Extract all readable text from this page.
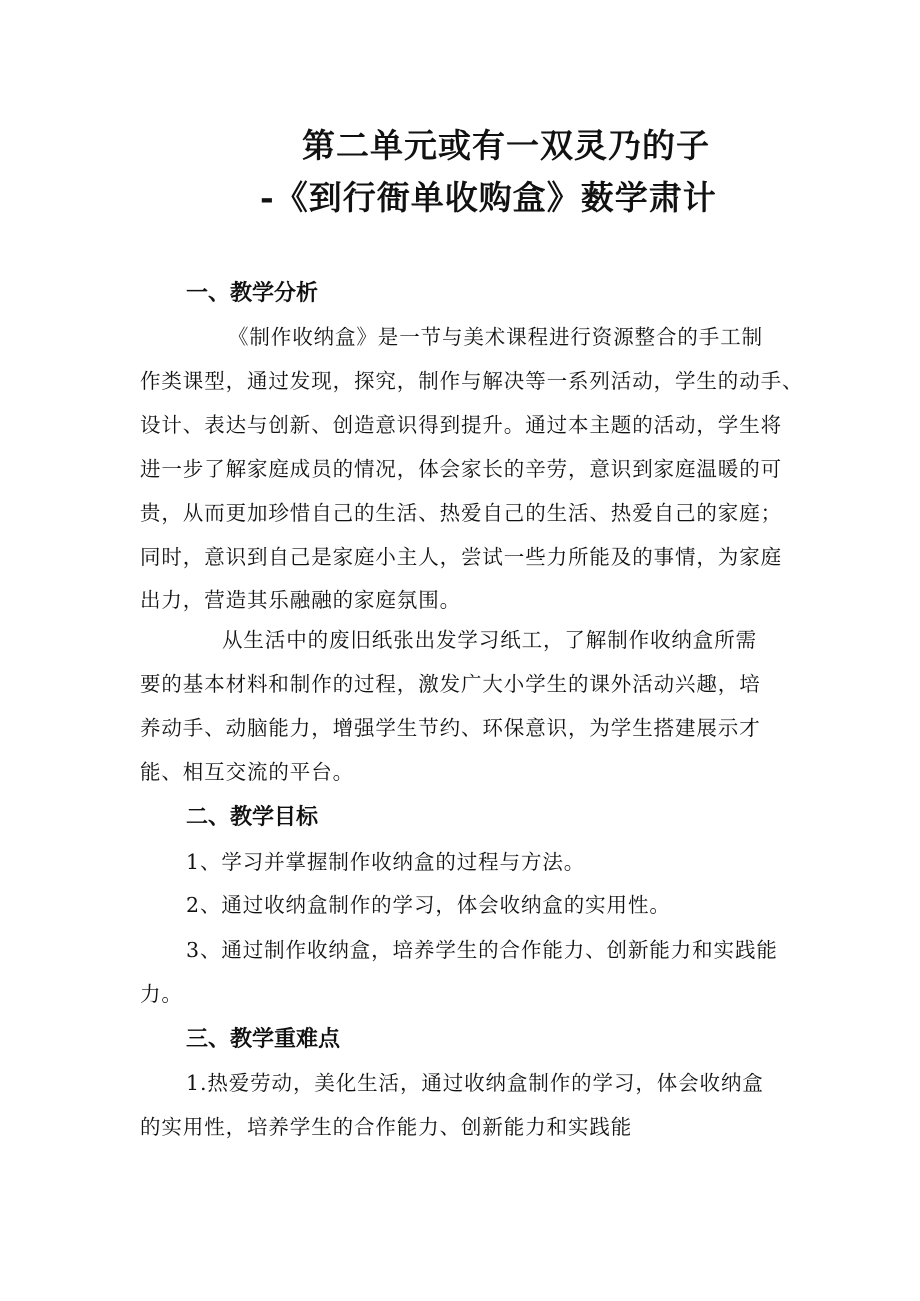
第二单元或有一双灵乃的子
-《到行衙单收购盒》薮学肃计
一、教学分析

《制作收纳盒》是一节与美术课程进行资源整合的手工制

作类课型，通过发现，探究，制作与解决等一系列活动，学生的动手、

设计、表达与创新、创造意识得到提升。通过本主题的活动，学生将

进一步了解家庭成员的情况，体会家长的辛劳，意识到家庭温暖的可

贵，从而更加珍惜自己的生活、热爱自己的生活、热爱自己的家庭；

同时，意识到自己是家庭小主人，尝试一些力所能及的事情，为家庭

出力，营造其乐融融的家庭氛围。

从生活中的废旧纸张出发学习纸工，了解制作收纳盒所需

要的基本材料和制作的过程，激发广大小学生的课外活动兴趣，培

养动手、动脑能力，增强学生节约、环保意识，为学生搭建展示才

能、相互交流的平台。

二、教学目标

1、学习并掌握制作收纳盒的过程与方法。

2、通过收纳盒制作的学习，体会收纳盒的实用性。

3、通过制作收纳盒，培养学生的合作能力、创新能力和实践能

力。

三、教学重难点

1.热爱劳动，美化生活，通过收纳盒制作的学习，体会收纳盒

的实用性，培养学生的合作能力、创新能力和实践能
